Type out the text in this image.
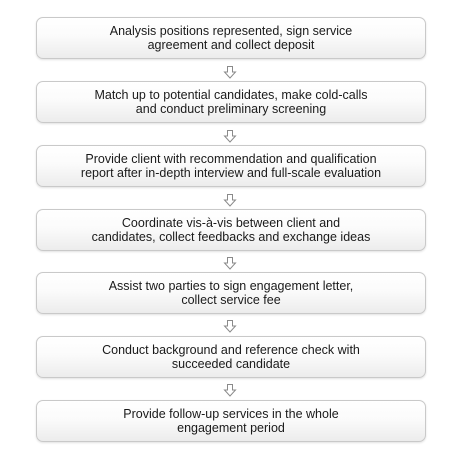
Analysis positions represented, sign service
agreement and collect deposit
Match up to potential candidates, make cold-calls
and conduct preliminary screening
Provide client with recommendation and qualification
report after in-depth interview and full-scale evaluation
Coordinate vis-à-vis between client and
candidates, collect feedbacks and exchange ideas
Assist two parties to sign engagement letter,
collect service fee
Conduct background and reference check with
succeeded candidate
Provide follow-up services in the whole
engagement period
